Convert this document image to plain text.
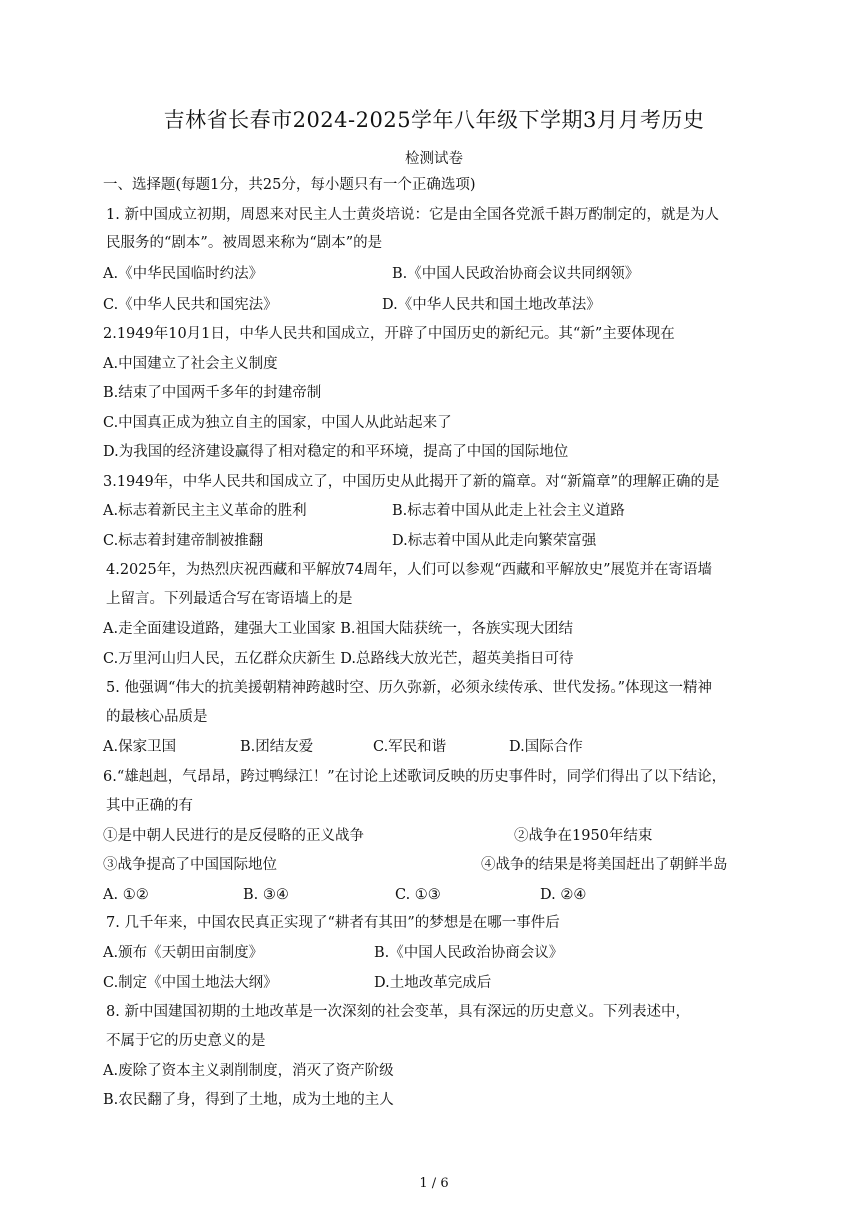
吉林省长春市2024-2025学年八年级下学期3月月考历史
检测试卷
一、选择题(每题1分，共25分，每小题只有一个正确选项)
1. 新中国成立初期，周恩来对民主人士黄炎培说：它是由全国各党派千斟万酌制定的，就是为人
民服务的“剧本”。被周恩来称为“剧本”的是
A.《中华民国临时约法》	B.《中国人民政治协商会议共同纲领》
C.《中华人民共和国宪法》	D.《中华人民共和国土地改革法》
2.1949年10月1日，中华人民共和国成立，开辟了中国历史的新纪元。其“新”主要体现在
A.中国建立了社会主义制度
B.结束了中国两千多年的封建帝制
C.中国真正成为独立自主的国家，中国人从此站起来了
D.为我国的经济建设赢得了相对稳定的和平环境，提高了中国的国际地位
3.1949年，中华人民共和国成立了，中国历史从此揭开了新的篇章。对“新篇章”的理解正确的是
A.标志着新民主主义革命的胜利	B.标志着中国从此走上社会主义道路
C.标志着封建帝制被推翻	D.标志着中国从此走向繁荣富强
4.2025年，为热烈庆祝西藏和平解放74周年，人们可以参观“西藏和平解放史”展览并在寄语墙
上留言。下列最适合写在寄语墙上的是
A.走全面建设道路，建强大工业国家 B.祖国大陆获统一，各族实现大团结
C.万里河山归人民，五亿群众庆新生 D.总路线大放光芒，超英美指日可待
5. 他强调“伟大的抗美援朝精神跨越时空、历久弥新，必须永续传承、世代发扬。”体现这一精神
的最核心品质是
A.保家卫国	B.团结友爱	C.军民和谐	D.国际合作
6.“雄赳赳，气昂昂，跨过鸭绿江！”在讨论上述歌词反映的历史事件时，同学们得出了以下结论，
其中正确的有
①是中朝人民进行的是反侵略的正义战争	②战争在1950年结束
③战争提高了中国国际地位	④战争的结果是将美国赶出了朝鲜半岛
A. ①②	B. ③④	C. ①③	D. ②④
7. 几千年来，中国农民真正实现了“耕者有其田”的梦想是在哪一事件后
A.颁布《天朝田亩制度》	B.《中国人民政治协商会议》
C.制定《中国土地法大纲》	D.土地改革完成后
8. 新中国建国初期的土地改革是一次深刻的社会变革，具有深远的历史意义。下列表述中，
不属于它的历史意义的是
A.废除了资本主义剥削制度，消灭了资产阶级
B.农民翻了身，得到了土地，成为土地的主人
1 / 6
